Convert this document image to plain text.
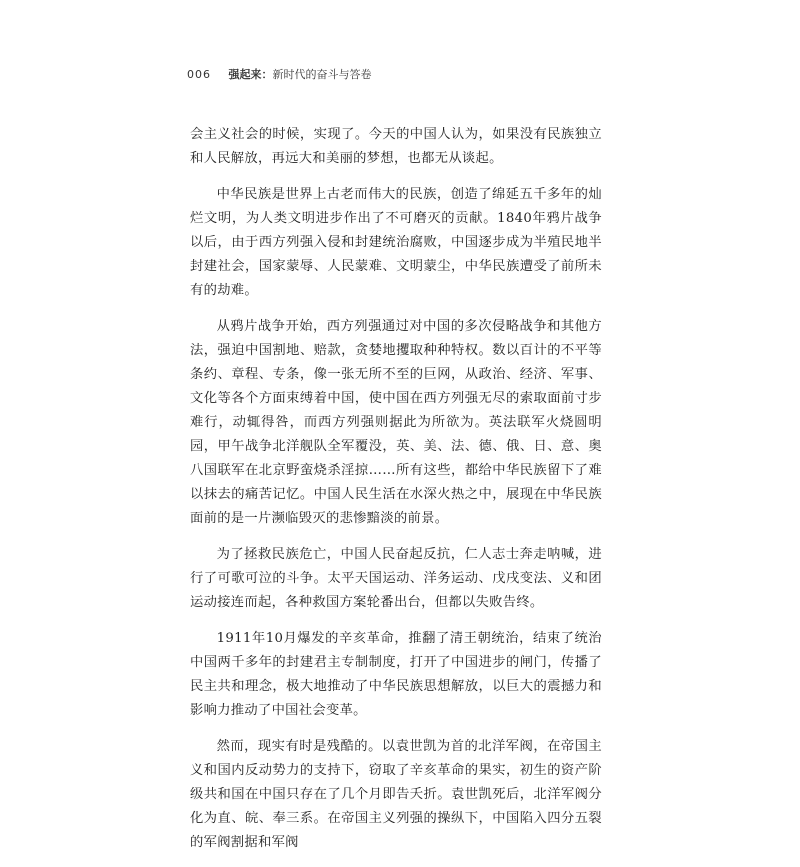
006 强起来：新时代的奋斗与答卷

会主义社会的时候，实现了。今天的中国人认为，如果没有民族独立和人民解放，再远大和美丽的梦想，也都无从谈起。

中华民族是世界上古老而伟大的民族，创造了绵延五千多年的灿烂文明，为人类文明进步作出了不可磨灭的贡献。1840年鸦片战争以后，由于西方列强入侵和封建统治腐败，中国逐步成为半殖民地半封建社会，国家蒙辱、人民蒙难、文明蒙尘，中华民族遭受了前所未有的劫难。

从鸦片战争开始，西方列强通过对中国的多次侵略战争和其他方法，强迫中国割地、赔款，贪婪地攫取种种特权。数以百计的不平等条约、章程、专条，像一张无所不至的巨网，从政治、经济、军事、文化等各个方面束缚着中国，使中国在西方列强无尽的索取面前寸步难行，动辄得咎，而西方列强则据此为所欲为。英法联军火烧圆明园，甲午战争北洋舰队全军覆没，英、美、法、德、俄、日、意、奥八国联军在北京野蛮烧杀淫掠……所有这些，都给中华民族留下了难以抹去的痛苦记忆。中国人民生活在水深火热之中，展现在中华民族面前的是一片濒临毁灭的悲惨黯淡的前景。

为了拯救民族危亡，中国人民奋起反抗，仁人志士奔走呐喊，进行了可歌可泣的斗争。太平天国运动、洋务运动、戊戌变法、义和团运动接连而起，各种救国方案轮番出台，但都以失败告终。

1911年10月爆发的辛亥革命，推翻了清王朝统治，结束了统治中国两千多年的封建君主专制制度，打开了中国进步的闸门，传播了民主共和理念，极大地推动了中华民族思想解放，以巨大的震撼力和影响力推动了中国社会变革。

然而，现实有时是残酷的。以袁世凯为首的北洋军阀，在帝国主义和国内反动势力的支持下，窃取了辛亥革命的果实，初生的资产阶级共和国在中国只存在了几个月即告夭折。袁世凯死后，北洋军阀分化为直、皖、奉三系。在帝国主义列强的操纵下，中国陷入四分五裂的军阀割据和军阀
